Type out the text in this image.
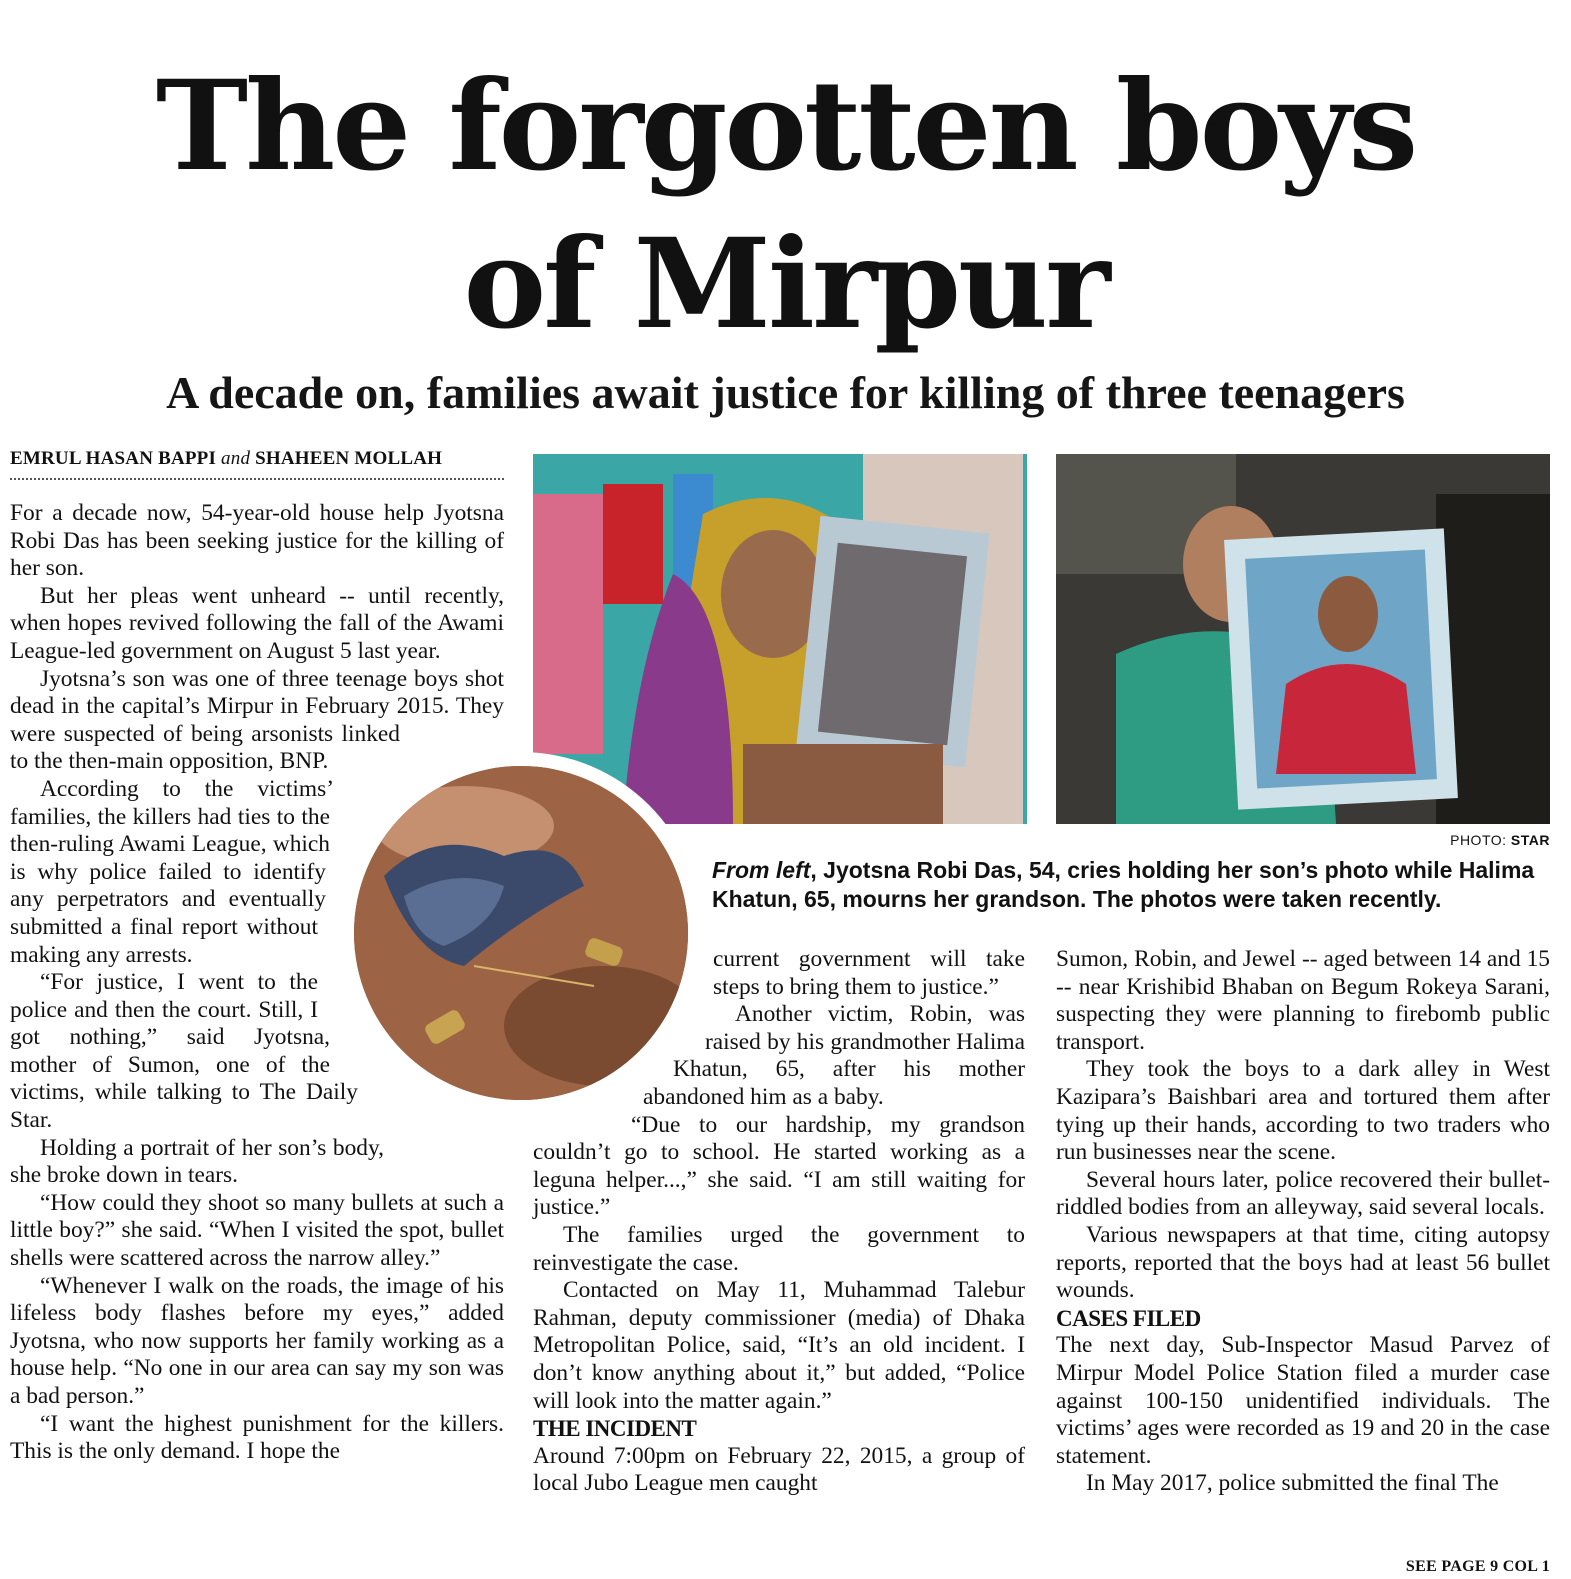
The forgotten boys
of Mirpur
A decade on, families await justice for killing of three teenagers
EMRUL HASAN BAPPI and SHAHEEN MOLLAH
PHOTO: STAR
From left, Jyotsna Robi Das, 54, cries holding her son’s photo while Halima Khatun, 65, mourns her grandson. The photos were taken recently.

For a decade now, 54-year-old house help Jyotsna Robi Das has been seeking justice for the killing of her son.

But her pleas went unheard -- until recently, when hopes revived following the fall of the Awami League-led government on August 5 last year.

Jyotsna’s son was one of three teenage boys shot dead in the capital’s Mirpur in February 2015. They were suspected of being arsonists linked to the then-main opposition, BNP.

According to the victims’ families, the killers had ties to the then-ruling Awami League, which is why police failed to identify any perpetrators and eventually submitted a final report without making any arrests.

“For justice, I went to the police and then the court. Still, I got nothing,” said Jyotsna, mother of Sumon, one of the victims, while talking to The Daily Star.

Holding a portrait of her son’s body, she broke down in tears.

“How could they shoot so many bullets at such a little boy?” she said. “When I visited the spot, bullet shells were scattered across the narrow alley.”

“Whenever I walk on the roads, the image of his lifeless body flashes before my eyes,” added Jyotsna, who now supports her family working as a house help. “No one in our area can say my son was a bad person.”

“I want the highest punishment for the killers. This is the only demand. I hope the

current government will take steps to bring them to justice.”

Another victim, Robin, was raised by his grandmother Halima Khatun, 65, after his mother abandoned him as a baby.

“Due to our hardship, my grandson couldn’t go to school. He started working as a leguna helper...,” she said. “I am still waiting for justice.”

The families urged the government to reinvestigate the case.

Contacted on May 11, Muhammad Talebur Rahman, deputy commissioner (media) of Dhaka Metropolitan Police, said, “It’s an old incident. I don’t know anything about it,” but added, “Police will look into the matter again.”

THE INCIDENT

Around 7:00pm on February 22, 2015, a group of local Jubo League men caught

Sumon, Robin, and Jewel -- aged between 14 and 15 -- near Krishibid Bhaban on Begum Rokeya Sarani, suspecting they were planning to firebomb public transport.

They took the boys to a dark alley in West Kazipara’s Baishbari area and tortured them after tying up their hands, according to two traders who run businesses near the scene.

Several hours later, police recovered their bullet-riddled bodies from an alleyway, said several locals.

Various newspapers at that time, citing autopsy reports, reported that the boys had at least 56 bullet wounds.

CASES FILED

The next day, Sub-Inspector Masud Parvez of Mirpur Model Police Station filed a murder case against 100-150 unidentified individuals. The victims’ ages were recorded as 19 and 20 in the case statement.

In May 2017, police submitted the final The

SEE PAGE 9 COL 1
